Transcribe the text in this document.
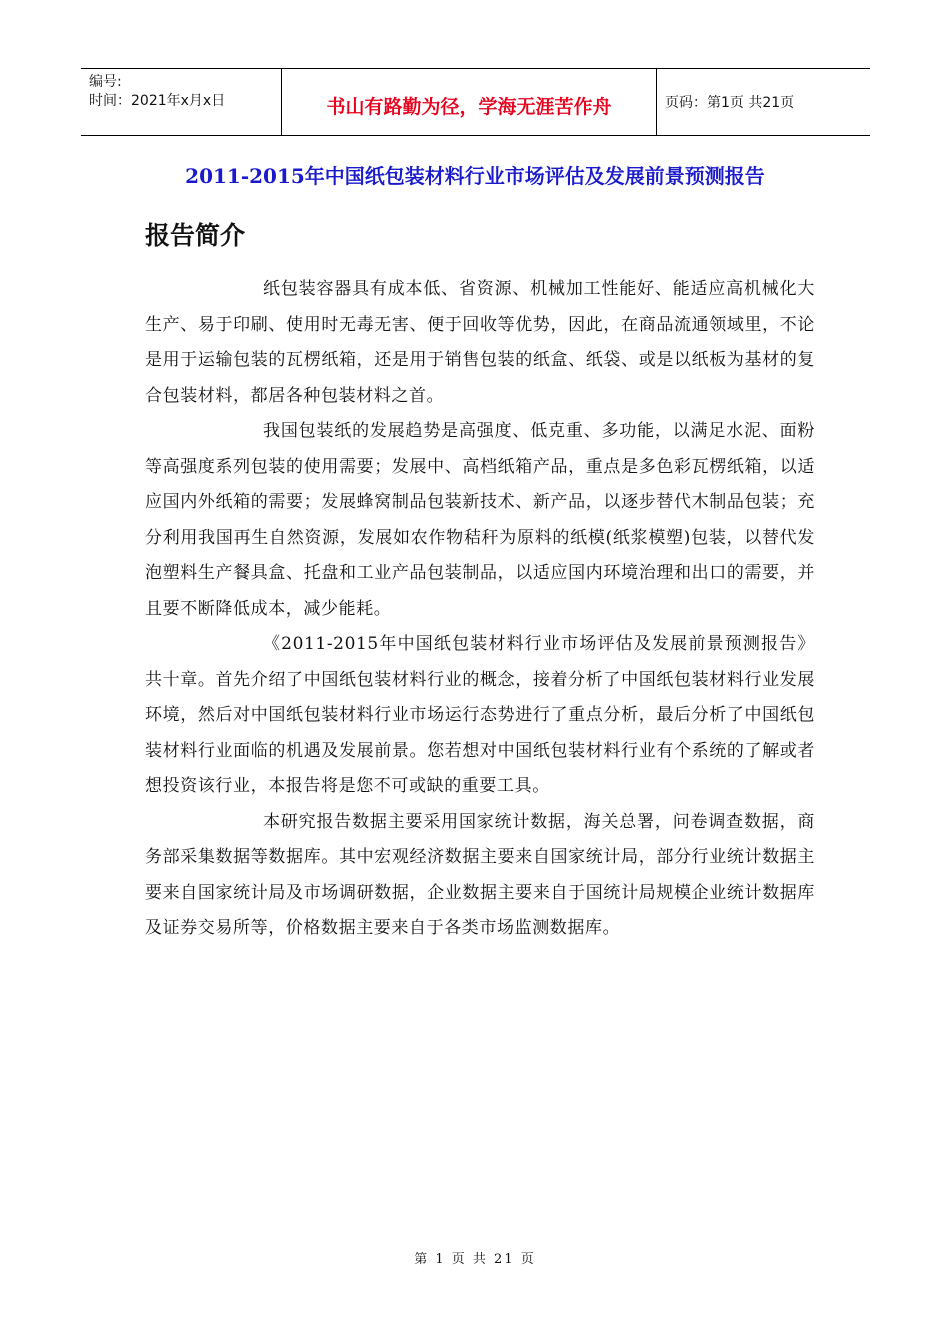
编号:
时间：2021年x月x日	书山有路勤为径，学海无涯苦作舟	页码：第1页 共21页
2011-2015年中国纸包装材料行业市场评估及发展前景预测报告
报告简介

纸包装容器具有成本低、省资源、机械加工性能好、能适应高机械化大生产、易于印刷、使用时无毒无害、便于回收等优势，因此，在商品流通领域里，不论是用于运输包装的瓦楞纸箱，还是用于销售包装的纸盒、纸袋、或是以纸板为基材的复合包装材料，都居各种包装材料之首。

我国包装纸的发展趋势是高强度、低克重、多功能，以满足水泥、面粉等高强度系列包装的使用需要；发展中、高档纸箱产品，重点是多色彩瓦楞纸箱，以适应国内外纸箱的需要；发展蜂窝制品包装新技术、新产品，以逐步替代木制品包装；充分利用我国再生自然资源，发展如农作物秸秆为原料的纸模(纸浆模塑)包装，以替代发泡塑料生产餐具盒、托盘和工业产品包装制品，以适应国内环境治理和出口的需要，并且要不断降低成本，减少能耗。

《2011-2015年中国纸包装材料行业市场评估及发展前景预测报告》共十章。首先介绍了中国纸包装材料行业的概念，接着分析了中国纸包装材料行业发展环境，然后对中国纸包装材料行业市场运行态势进行了重点分析，最后分析了中国纸包装材料行业面临的机遇及发展前景。您若想对中国纸包装材料行业有个系统的了解或者想投资该行业，本报告将是您不可或缺的重要工具。

本研究报告数据主要采用国家统计数据，海关总署，问卷调查数据，商务部采集数据等数据库。其中宏观经济数据主要来自国家统计局，部分行业统计数据主要来自国家统计局及市场调研数据，企业数据主要来自于国统计局规模企业统计数据库及证券交易所等，价格数据主要来自于各类市场监测数据库。

第 1 页 共 21 页
